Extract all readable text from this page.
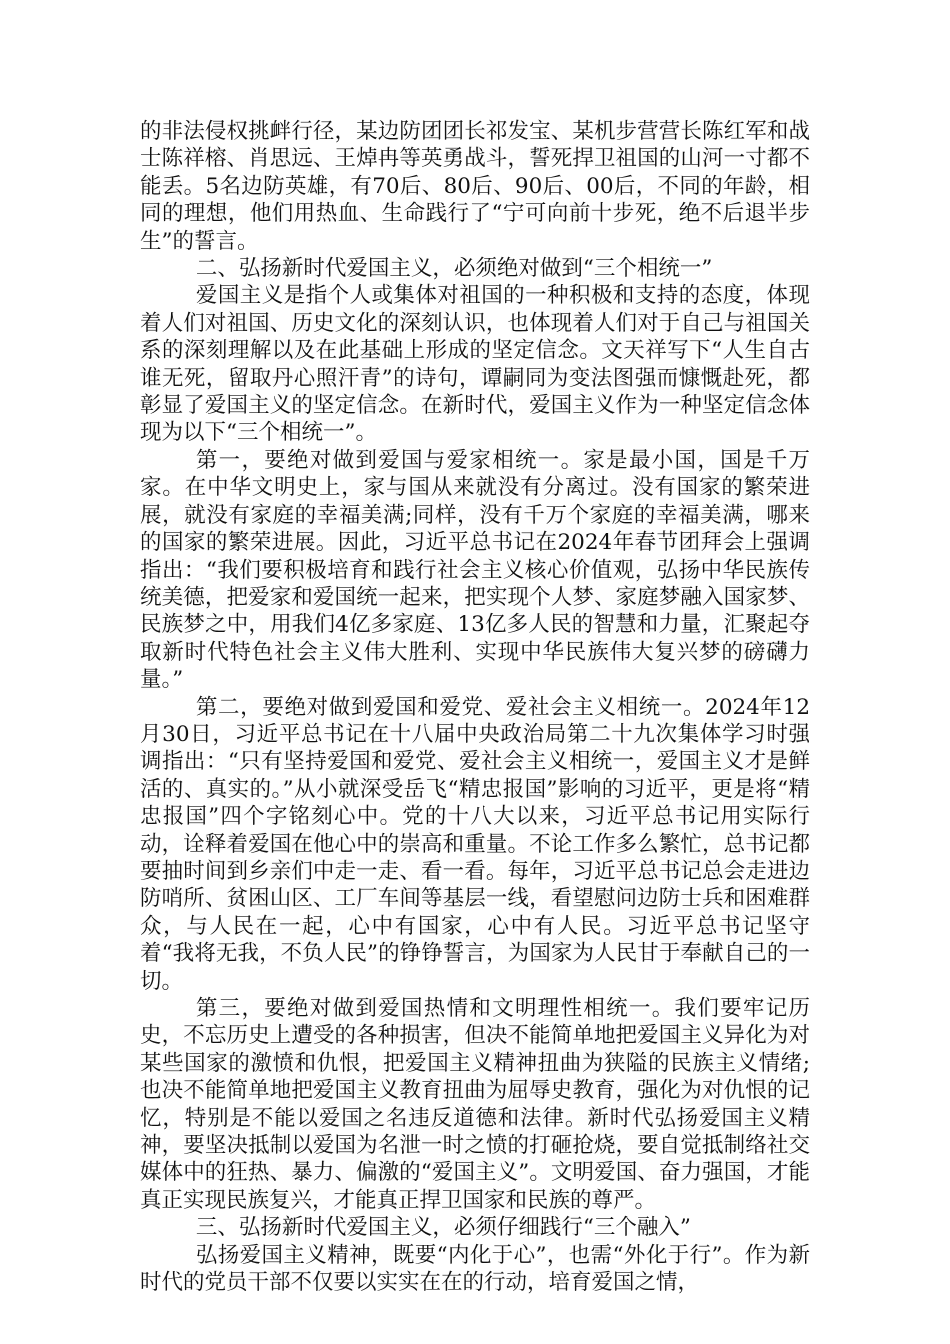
的非法侵权挑衅行径，某边防团团长祁发宝、某机步营营长陈红军和战士陈祥榕、肖思远、王焯冉等英勇战斗，誓死捍卫祖国的山河一寸都不能丢。5名边防英雄，有70后、80后、90后、00后，不同的年龄，相同的理想，他们用热血、生命践行了“宁可向前十步死，绝不后退半步生”的誓言。

二、弘扬新时代爱国主义，必须绝对做到“三个相统一”

爱国主义是指个人或集体对祖国的一种积极和支持的态度，体现着人们对祖国、历史文化的深刻认识，也体现着人们对于自己与祖国关系的深刻理解以及在此基础上形成的坚定信念。文天祥写下“人生自古谁无死，留取丹心照汗青”的诗句，谭嗣同为变法图强而慷慨赴死，都彰显了爱国主义的坚定信念。在新时代，爱国主义作为一种坚定信念体现为以下“三个相统一”。

第一，要绝对做到爱国与爱家相统一。家是最小国，国是千万家。在中华文明史上，家与国从来就没有分离过。没有国家的繁荣进展，就没有家庭的幸福美满;同样，没有千万个家庭的幸福美满，哪来的国家的繁荣进展。因此，习近平总书记在2024年春节团拜会上强调指出：“我们要积极培育和践行社会主义核心价值观，弘扬中华民族传统美德，把爱家和爱国统一起来，把实现个人梦、家庭梦融入国家梦、民族梦之中，用我们4亿多家庭、13亿多人民的智慧和力量，汇聚起夺取新时代特色社会主义伟大胜利、实现中华民族伟大复兴梦的磅礴力量。”

第二，要绝对做到爱国和爱党、爱社会主义相统一。2024年12月30日，习近平总书记在十八届中央政治局第二十九次集体学习时强调指出：“只有坚持爱国和爱党、爱社会主义相统一，爱国主义才是鲜活的、真实的。”从小就深受岳飞“精忠报国”影响的习近平，更是将“精忠报国”四个字铭刻心中。党的十八大以来，习近平总书记用实际行动，诠释着爱国在他心中的崇高和重量。不论工作多么繁忙，总书记都要抽时间到乡亲们中走一走、看一看。每年，习近平总书记总会走进边防哨所、贫困山区、工厂车间等基层一线，看望慰问边防士兵和困难群众，与人民在一起，心中有国家，心中有人民。习近平总书记坚守着“我将无我，不负人民”的铮铮誓言，为国家为人民甘于奉献自己的一切。

第三，要绝对做到爱国热情和文明理性相统一。我们要牢记历史，不忘历史上遭受的各种损害，但决不能简单地把爱国主义异化为对某些国家的激愤和仇恨，把爱国主义精神扭曲为狭隘的民族主义情绪;也决不能简单地把爱国主义教育扭曲为屈辱史教育，强化为对仇恨的记忆，特别是不能以爱国之名违反道德和法律。新时代弘扬爱国主义精神，要坚决抵制以爱国为名泄一时之愤的打砸抢烧，要自觉抵制络社交媒体中的狂热、暴力、偏激的“爱国主义”。文明爱国、奋力强国，才能真正实现民族复兴，才能真正捍卫国家和民族的尊严。

三、弘扬新时代爱国主义，必须仔细践行“三个融入”

弘扬爱国主义精神，既要“内化于心”，也需“外化于行”。作为新时代的党员干部不仅要以实实在在的行动，培育爱国之情，
